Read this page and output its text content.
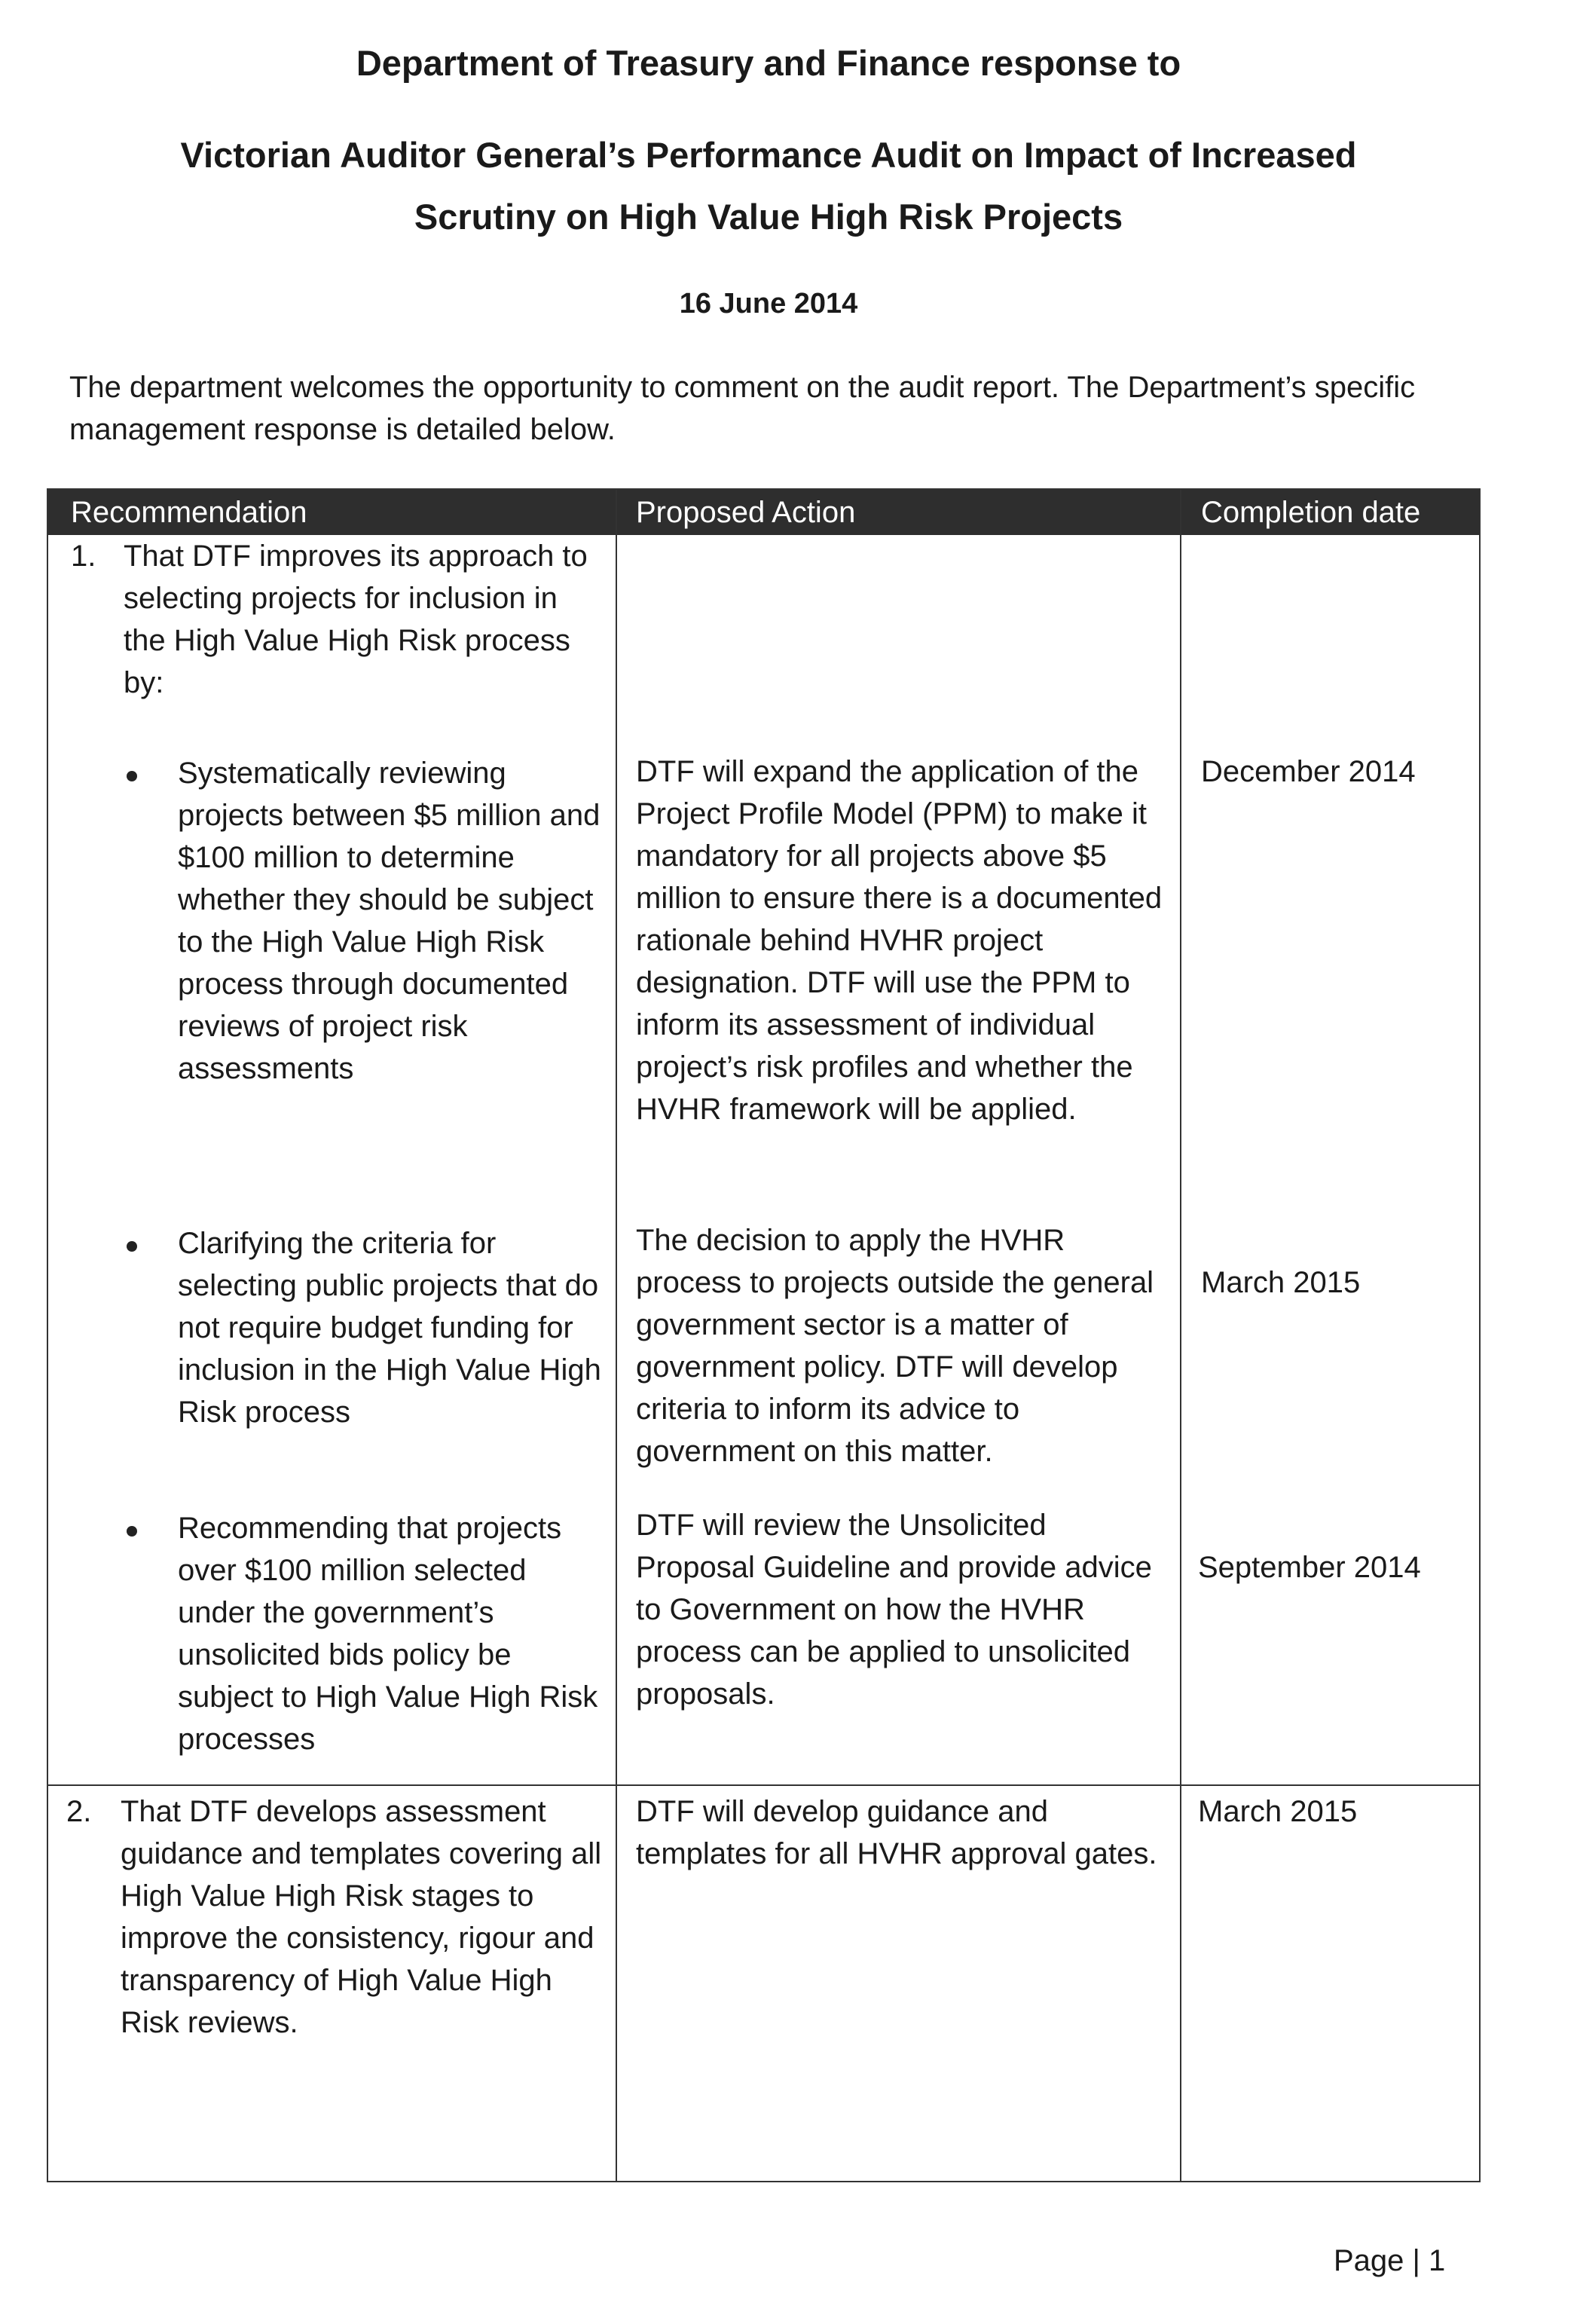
Department of Treasury and Finance response to
Victorian Auditor General’s Performance Audit on Impact of Increased
Scrutiny on High Value High Risk Projects
16 June 2014
The department welcomes the opportunity to comment on the audit report. The Department’s specific management response is detailed below.
Recommendation	Proposed Action	Completion date
1. That DTF improves its approach to selecting projects for inclusion in the High Value High Risk process by:
Systematically reviewing projects between $5 million and $100 million to determine whether they should be subject to the High Value High Risk process through documented reviews of project risk assessments
DTF will expand the application of the Project Profile Model (PPM) to make it mandatory for all projects above $5 million to ensure there is a documented rationale behind HVHR project designation. DTF will use the PPM to inform its assessment of individual project’s risk profiles and whether the HVHR framework will be applied.
December 2014
Clarifying the criteria for selecting public projects that do not require budget funding for inclusion in the High Value High Risk process
The decision to apply the HVHR process to projects outside the general government sector is a matter of government policy. DTF will develop criteria to inform its advice to government on this matter.
March 2015
Recommending that projects over $100 million selected under the government’s unsolicited bids policy be subject to High Value High Risk processes
DTF will review the Unsolicited Proposal Guideline and provide advice to Government on how the HVHR process can be applied to unsolicited proposals.
September 2014
2. That DTF develops assessment guidance and templates covering all High Value High Risk stages to improve the consistency, rigour and transparency of High Value High Risk reviews.
DTF will develop guidance and templates for all HVHR approval gates.
March 2015
Page | 1
